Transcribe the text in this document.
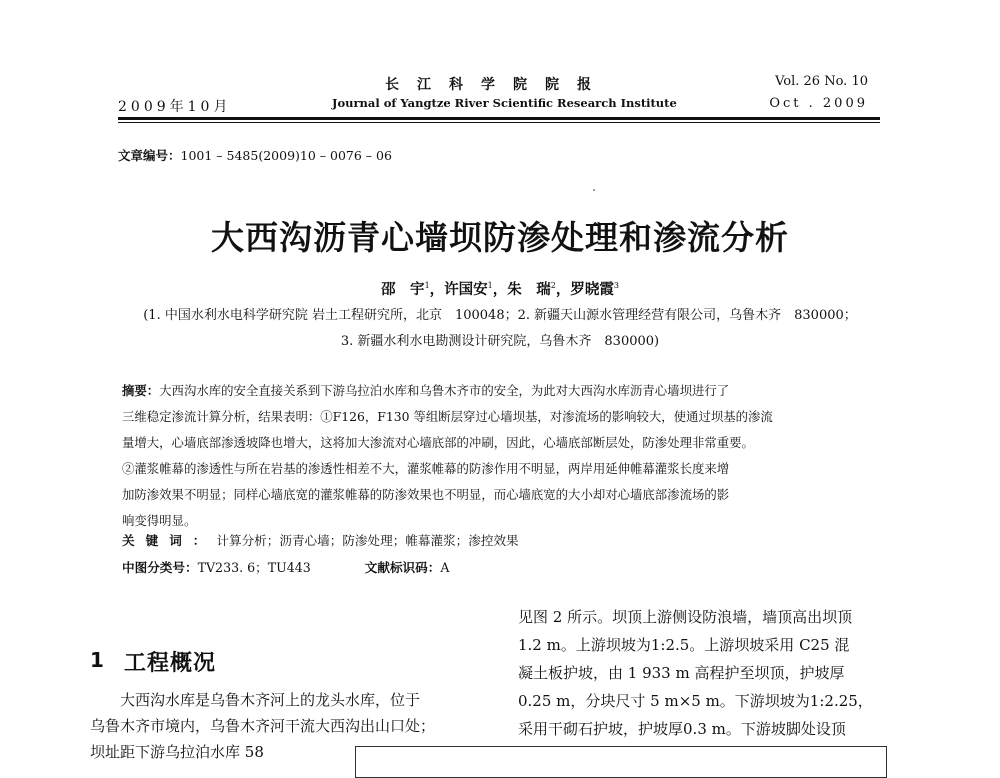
2009年10月
长江科学院院报
Journal of Yangtze River Scientific Research Institute
Vol. 26 No. 10
Oct . 2009
文章编号：1001 – 5485(2009)10 – 0076 – 06
大西沟沥青心墙坝防渗处理和渗流分析
邵　宇$^1$，许国安$^1$，朱　瑞$^2$，罗晓霞$^3$
(1. 中国水利水电科学研究院 岩土工程研究所，北京　100048；2. 新疆天山源水管理经营有限公司，乌鲁木齐　830000；
3. 新疆水利水电勘测设计研究院，乌鲁木齐　830000)
摘要：大西沟水库的安全直接关系到下游乌拉泊水库和乌鲁木齐市的安全，为此对大西沟水库沥青心墙坝进行了
三维稳定渗流计算分析，结果表明：①F126，F130 等组断层穿过心墙坝基，对渗流场的影响较大，使通过坝基的渗流
量增大，心墙底部渗透坡降也增大，这将加大渗流对心墙底部的冲刷，因此，心墙底部断层处，防渗处理非常重要。
②灌浆帷幕的渗透性与所在岩基的渗透性相差不大，灌浆帷幕的防渗作用不明显，两岸用延伸帷幕灌浆长度来增
加防渗效果不明显；同样心墙底宽的灌浆帷幕的防渗效果也不明显，而心墙底宽的大小却对心墙底部渗流场的影
响变得明显。
关键词：计算分析；沥青心墙；防渗处理；帷幕灌浆；渗控效果
中图分类号：TV233. 6；TU443	文献标识码：A
1 工程概况
　　大西沟水库是乌鲁木齐河上的龙头水库，位于
乌鲁木齐市境内，乌鲁木齐河干流大西沟出山口处；
坝址距下游乌拉泊水库 58
见图 2 所示。坝顶上游侧设防浪墙，墙顶高出坝顶
1.2 m。上游坝坡为1:2.5。上游坝坡采用 C25 混
凝土板护坡，由 1 933 m 高程护至坝顶，护坡厚
0.25 m，分块尺寸 5 m×5 m。下游坝坡为1:2.25，
采用干砌石护坡，护坡厚0.3 m。下游坡脚处设顶
